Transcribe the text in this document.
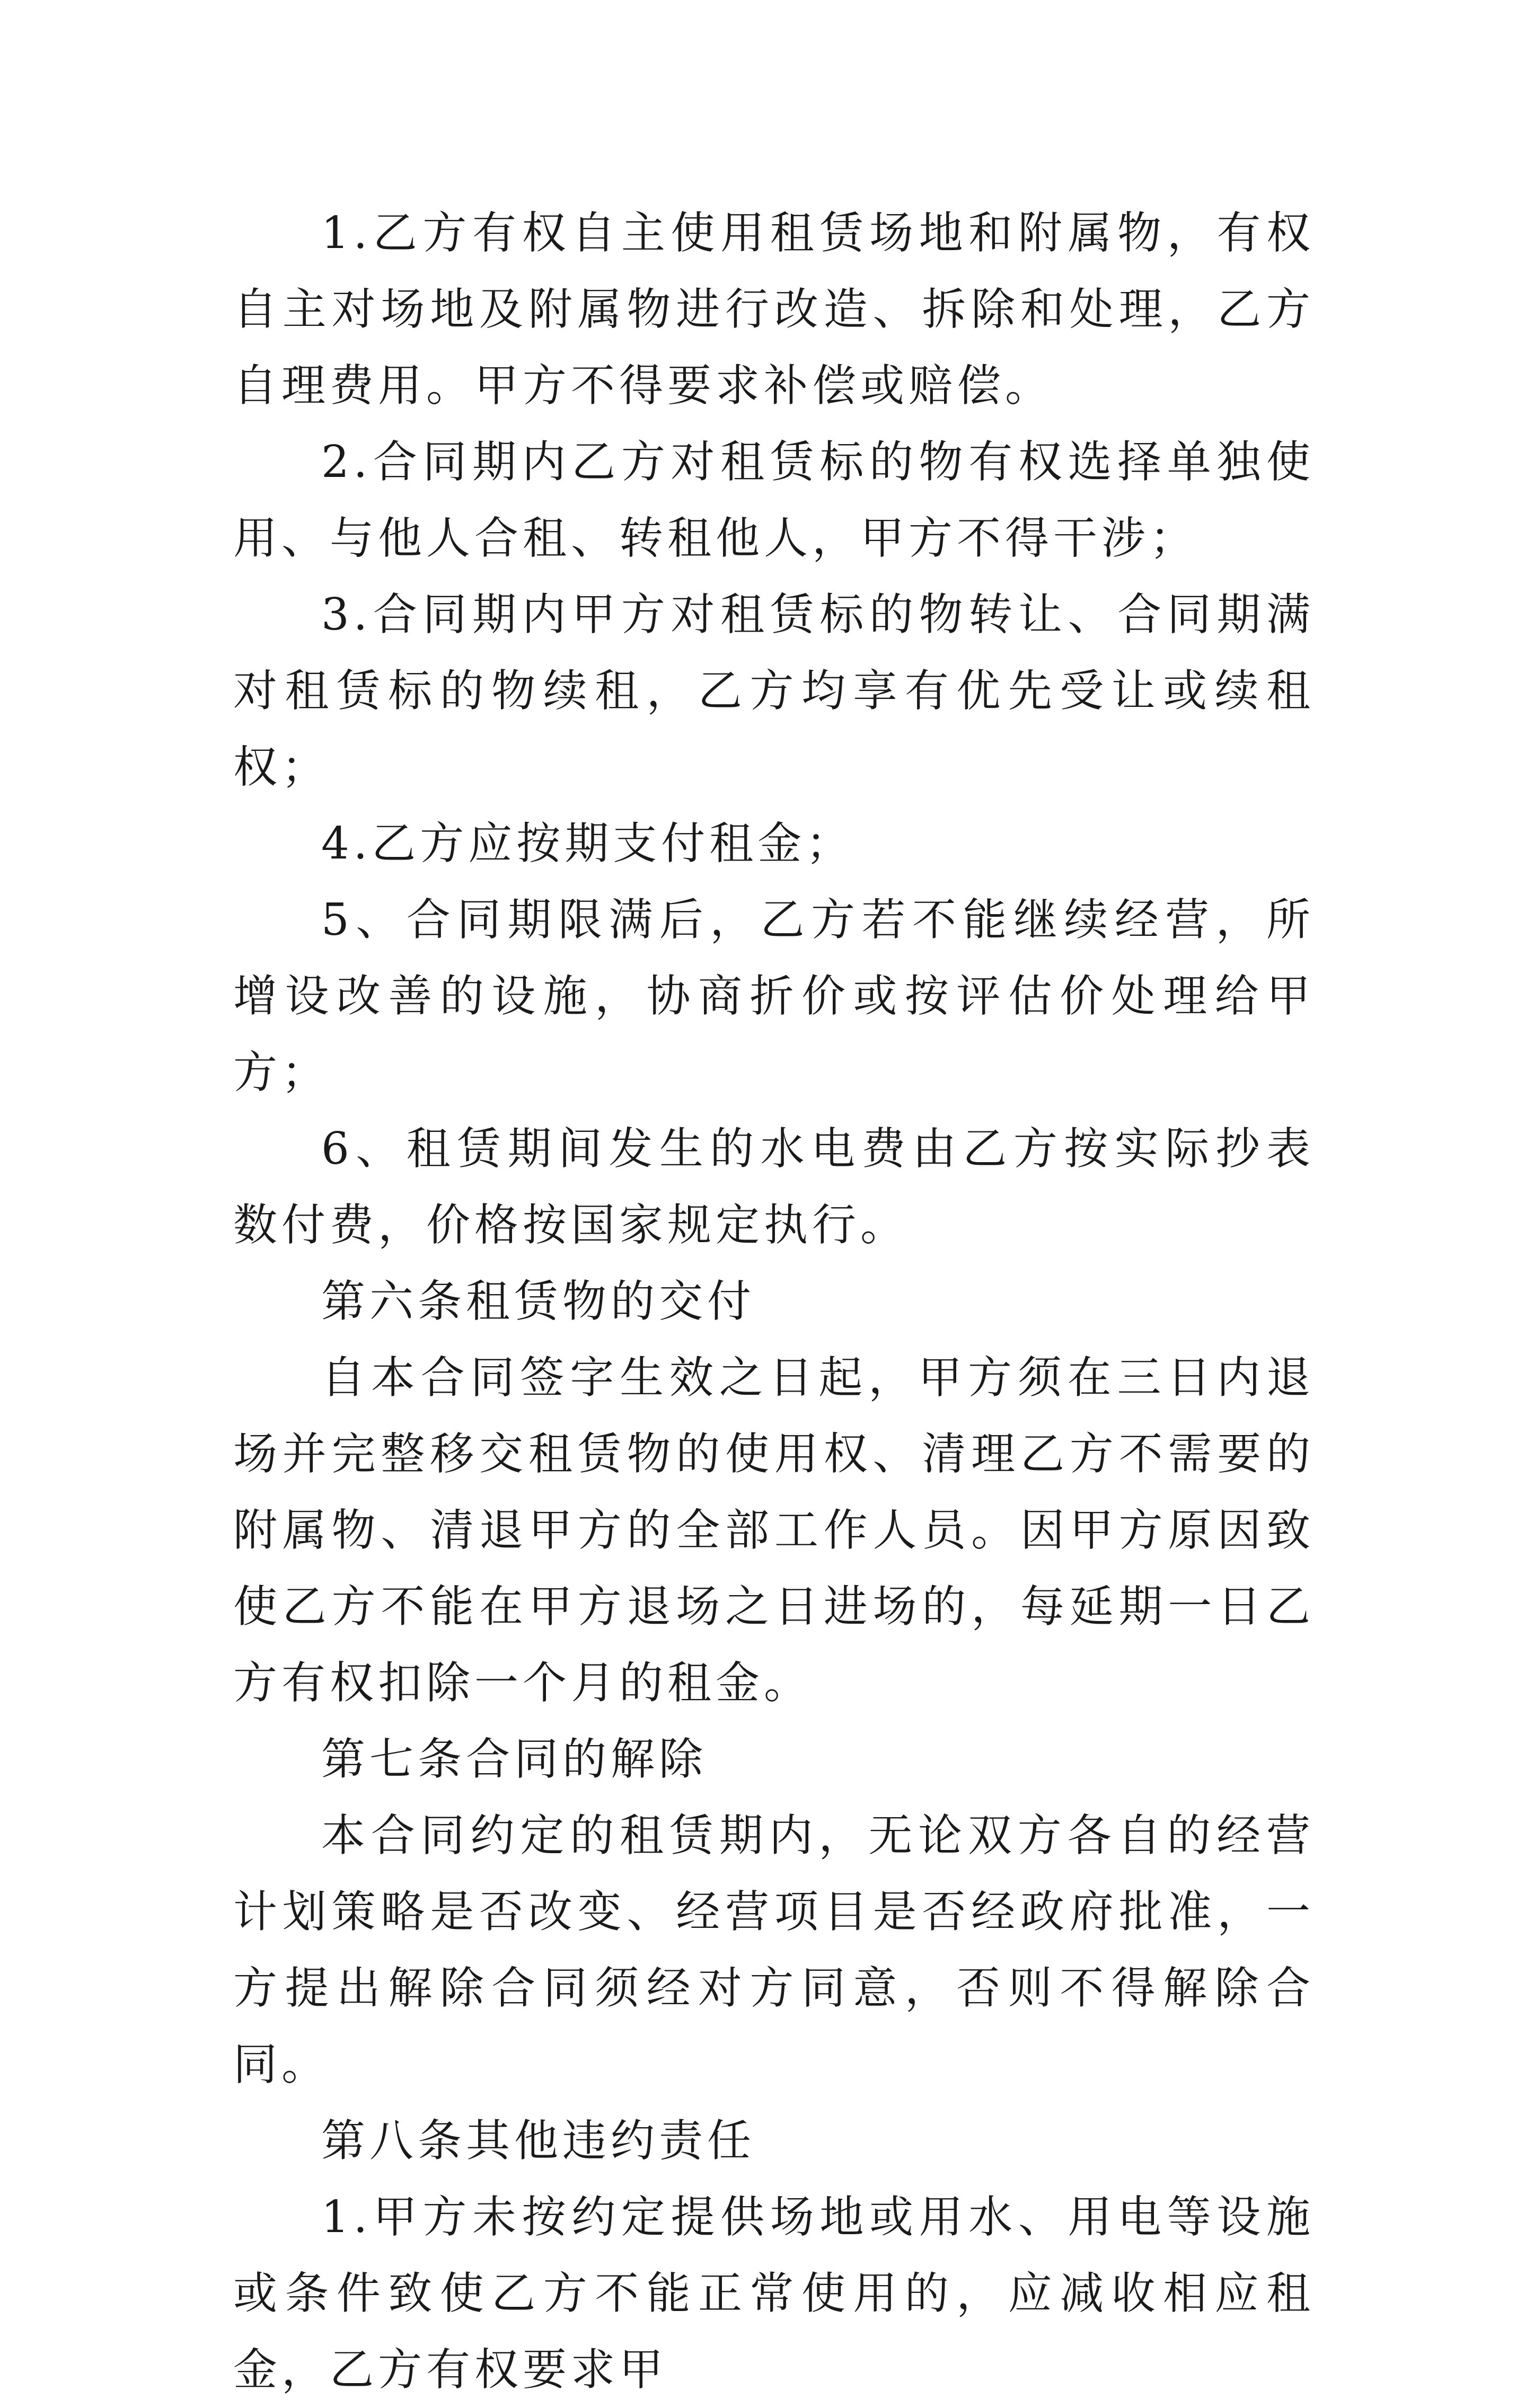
1.乙方有权自主使用租赁场地和附属物，有权自主对场地及附属物进行改造、拆除和处理，乙方自理费用。甲方不得要求补偿或赔偿。

2.合同期内乙方对租赁标的物有权选择单独使用、与他人合租、转租他人，甲方不得干涉；

3.合同期内甲方对租赁标的物转让、合同期满对租赁标的物续租，乙方均享有优先受让或续租权；

4.乙方应按期支付租金；

5、合同期限满后，乙方若不能继续经营，所增设改善的设施，协商折价或按评估价处理给甲方；

6、租赁期间发生的水电费由乙方按实际抄表数付费，价格按国家规定执行。

第六条租赁物的交付

自本合同签字生效之日起，甲方须在三日内退场并完整移交租赁物的使用权、清理乙方不需要的附属物、清退甲方的全部工作人员。因甲方原因致使乙方不能在甲方退场之日进场的，每延期一日乙方有权扣除一个月的租金。

第七条合同的解除

本合同约定的租赁期内，无论双方各自的经营计划策略是否改变、经营项目是否经政府批准，一方提出解除合同须经对方同意，否则不得解除合同。

第八条其他违约责任

1.甲方未按约定提供场地或用水、用电等设施或条件致使乙方不能正常使用的，应减收相应租金，乙方有权要求甲
